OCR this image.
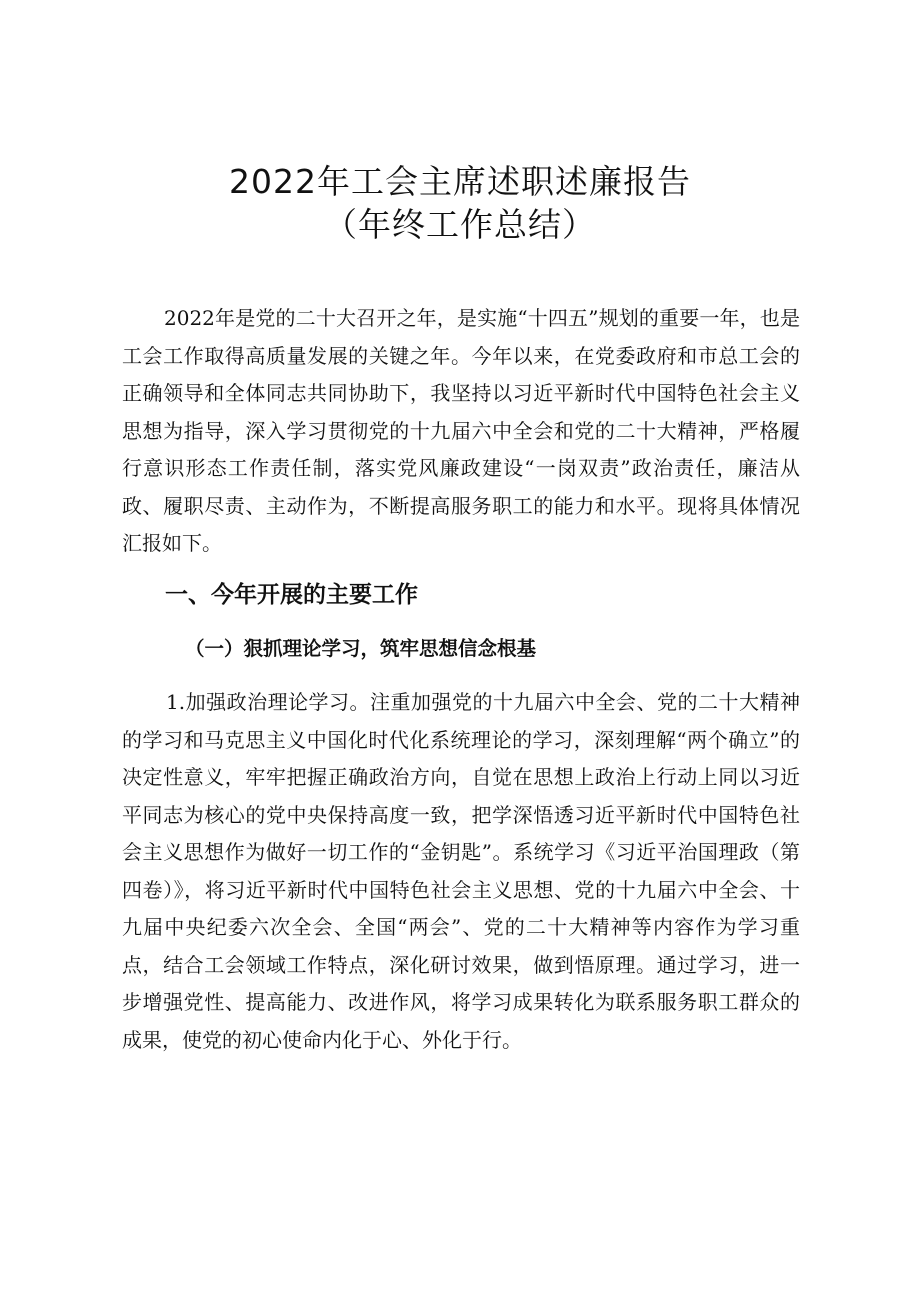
2022年工会主席述职述廉报告
（年终工作总结）

2022年是党的二十大召开之年，是实施“十四五”规划的重要一年，也是工会工作取得高质量发展的关键之年。今年以来，在党委政府和市总工会的正确领导和全体同志共同协助下，我坚持以习近平新时代中国特色社会主义思想为指导，深入学习贯彻党的十九届六中全会和党的二十大精神，严格履行意识形态工作责任制，落实党风廉政建设“一岗双责”政治责任，廉洁从政、履职尽责、主动作为，不断提高服务职工的能力和水平。现将具体情况汇报如下。

一、今年开展的主要工作
（一）狠抓理论学习，筑牢思想信念根基

1.加强政治理论学习。注重加强党的十九届六中全会、党的二十大精神的学习和马克思主义中国化时代化系统理论的学习，深刻理解“两个确立”的决定性意义，牢牢把握正确政治方向，自觉在思想上政治上行动上同以习近平同志为核心的党中央保持高度一致，把学深悟透习近平新时代中国特色社会主义思想作为做好一切工作的“金钥匙”。系统学习《习近平治国理政（第四卷）》，将习近平新时代中国特色社会主义思想、党的十九届六中全会、十九届中央纪委六次全会、全国“两会”、党的二十大精神等内容作为学习重点，结合工会领域工作特点，深化研讨效果，做到悟原理。通过学习，进一步增强党性、提高能力、改进作风，将学习成果转化为联系服务职工群众的成果，使党的初心使命内化于心、外化于行。
